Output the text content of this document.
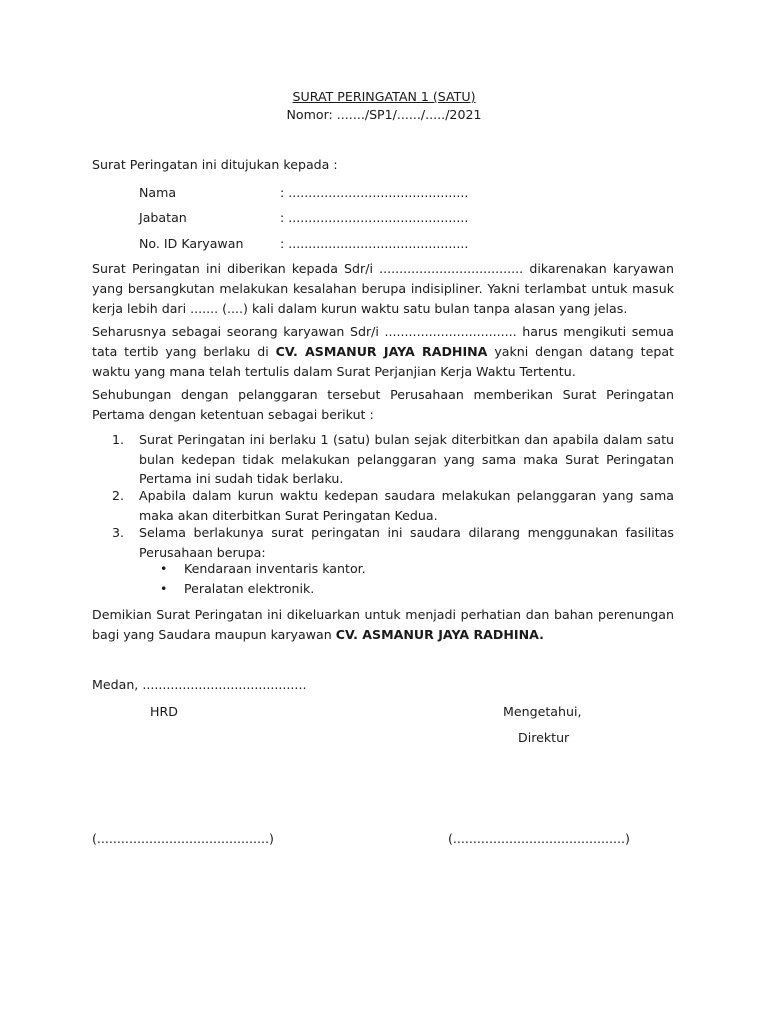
SURAT PERINGATAN 1 (SATU)
Nomor: ......./SP1/....../...../2021
Surat Peringatan ini ditujukan kepada :
Nama	: .............................................
Jabatan	: .............................................
No. ID Karyawan	: .............................................
Surat Peringatan ini diberikan kepada Sdr/i .................................... dikarenakan karyawan
yang bersangkutan melakukan kesalahan berupa indisipliner. Yakni terlambat untuk masuk
kerja lebih dari ....... (....) kali dalam kurun waktu satu bulan tanpa alasan yang jelas.
Seharusnya sebagai seorang karyawan Sdr/i ................................. harus mengikuti semua
tata tertib yang berlaku di CV. ASMANUR JAYA RADHINA yakni dengan datang tepat
waktu yang mana telah tertulis dalam Surat Perjanjian Kerja Waktu Tertentu.
Sehubungan dengan pelanggaran tersebut Perusahaan memberikan Surat Peringatan
Pertama dengan ketentuan sebagai berikut :
1. Surat Peringatan ini berlaku 1 (satu) bulan sejak diterbitkan dan apabila dalam satu
bulan kedepan tidak melakukan pelanggaran yang sama maka Surat Peringatan
Pertama ini sudah tidak berlaku.
2. Apabila dalam kurun waktu kedepan saudara melakukan pelanggaran yang sama
maka akan diterbitkan Surat Peringatan Kedua.
3. Selama berlakunya surat peringatan ini saudara dilarang menggunakan fasilitas
Perusahaan berupa:
• Kendaraan inventaris kantor.
• Peralatan elektronik.
Demikian Surat Peringatan ini dikeluarkan untuk menjadi perhatian dan bahan perenungan
bagi yang Saudara maupun karyawan CV. ASMANUR JAYA RADHINA.
Medan, .........................................
HRD	Mengetahui,
Direktur
(...........................................)	(...........................................)
